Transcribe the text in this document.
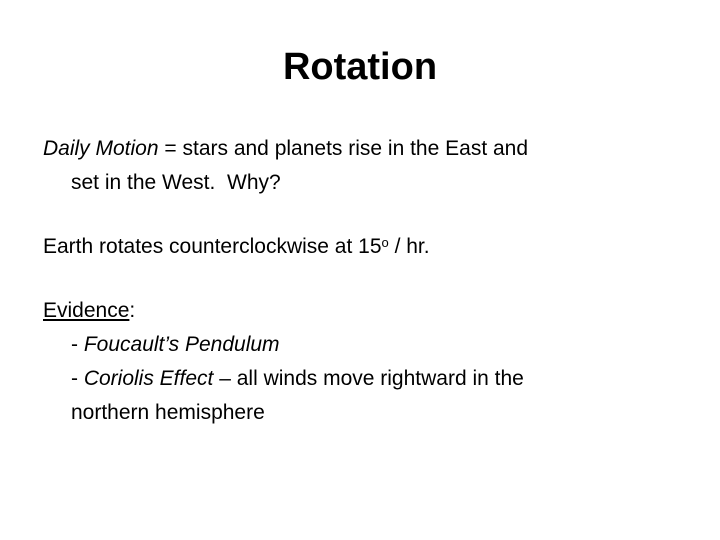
Rotation

Daily Motion = stars and planets rise in the East and
set in the West.  Why?

Earth rotates counterclockwise at 15$^o$ / hr.

Evidence:

- Foucault’s Pendulum

- Coriolis Effect – all winds move rightward in the

northern hemisphere
